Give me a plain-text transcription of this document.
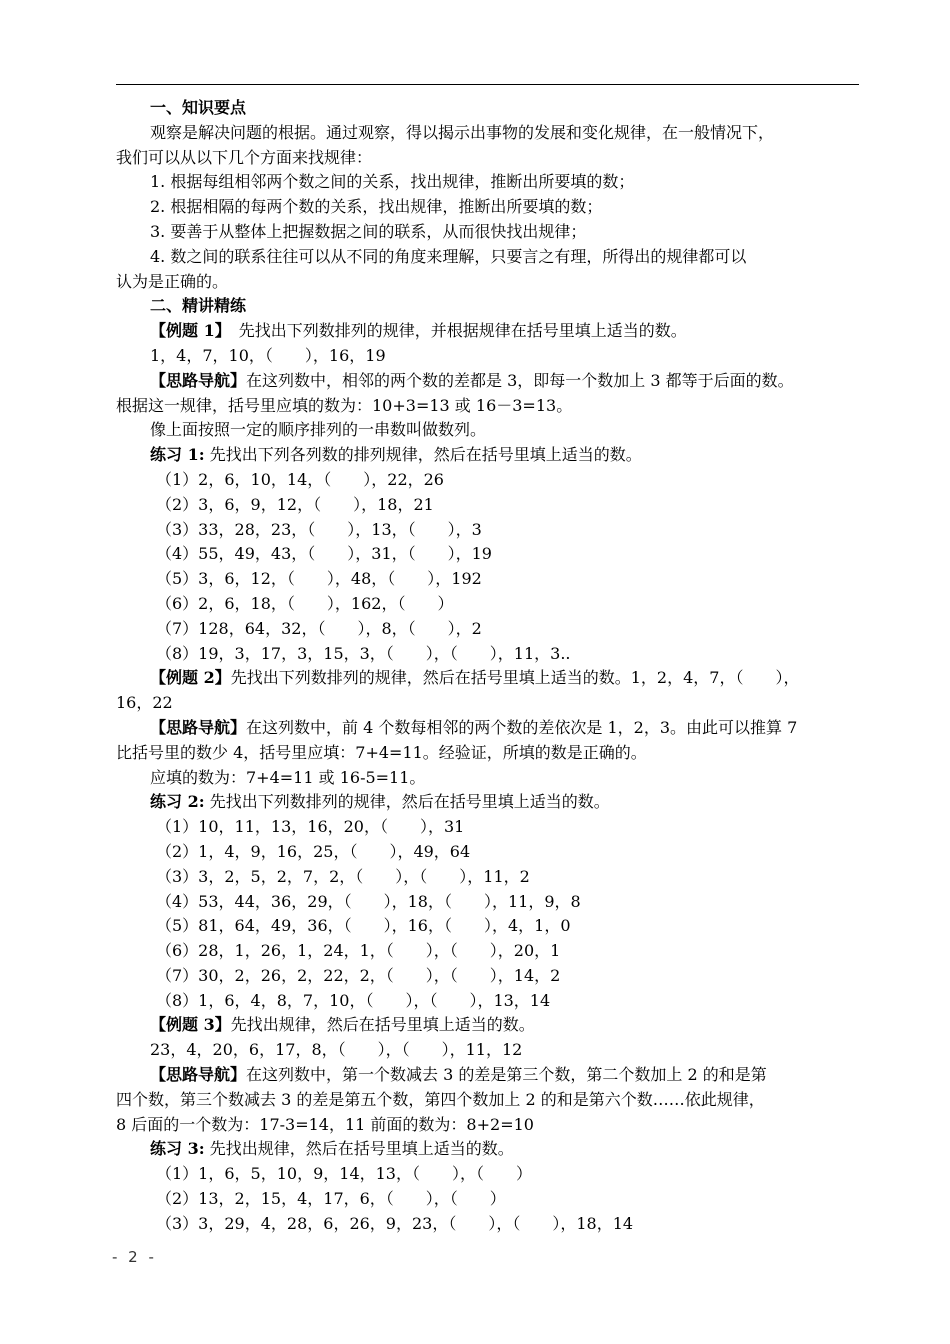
一、知识要点
观察是解决问题的根据。通过观察，得以揭示出事物的发展和变化规律，在一般情况下，
我们可以从以下几个方面来找规律：
1. 根据每组相邻两个数之间的关系，找出规律，推断出所要填的数；
2. 根据相隔的每两个数的关系，找出规律，推断出所要填的数；
3. 要善于从整体上把握数据之间的联系，从而很快找出规律；
4. 数之间的联系往往可以从不同的角度来理解，只要言之有理，所得出的规律都可以
认为是正确的。
二、精讲精练
【例题 1】　先找出下列数排列的规律，并根据规律在括号里填上适当的数。
1，4，7，10，（　　），16，19
【思路导航】在这列数中，相邻的两个数的差都是 3，即每一个数加上 3 都等于后面的数。
根据这一规律，括号里应填的数为：10+3=13 或 16－3=13。
像上面按照一定的顺序排列的一串数叫做数列。
练习 1: 先找出下列各列数的排列规律，然后在括号里填上适当的数。
（1）2，6，10，14，（　　），22，26
（2）3，6，9，12，（　　），18，21
（3）33，28，23，（　　），13，（　　），3
（4）55，49，43，（　　），31，（　　），19
（5）3，6，12，（　　），48，（　　），192
（6）2，6，18，（　　），162，（　　）
（7）128，64，32，（　　），8，（　　），2
（8）19，3，17，3，15，3，（　　），（　　），11，3..
【例题 2】先找出下列数排列的规律，然后在括号里填上适当的数。1，2，4，7，（　　），
16，22
【思路导航】在这列数中，前 4 个数每相邻的两个数的差依次是 1，2，3。由此可以推算 7
比括号里的数少 4，括号里应填：7+4=11。经验证，所填的数是正确的。
应填的数为：7+4=11 或 16-5=11。
练习 2: 先找出下列数排列的规律，然后在括号里填上适当的数。
（1）10，11，13，16，20，（　　），31
（2）1，4，9，16，25，（　　），49，64
（3）3，2，5，2，7，2，（　　），（　　），11，2
（4）53，44，36，29，（　　），18，（　　），11，9，8
（5）81，64，49，36，（　　），16，（　　），4，1，0
（6）28，1，26，1，24，1，（　　），（　　），20，1
（7）30，2，26，2，22，2，（　　），（　　），14，2
（8）1，6，4，8，7，10，（　　），（　　），13，14
【例题 3】先找出规律，然后在括号里填上适当的数。
23，4，20，6，17，8，（　　），（　　），11，12
【思路导航】在这列数中，第一个数减去 3 的差是第三个数，第二个数加上 2 的和是第
四个数，第三个数减去 3 的差是第五个数，第四个数加上 2 的和是第六个数……依此规律，
8 后面的一个数为：17-3=14，11 前面的数为：8+2=10
练习 3: 先找出规律，然后在括号里填上适当的数。
（1）1，6，5，10，9，14，13，（　　），（　　）
（2）13，2，15，4，17，6，（　　），（　　）
（3）3，29，4，28，6，26，9，23，（　　），（　　），18，14
- 2 -
